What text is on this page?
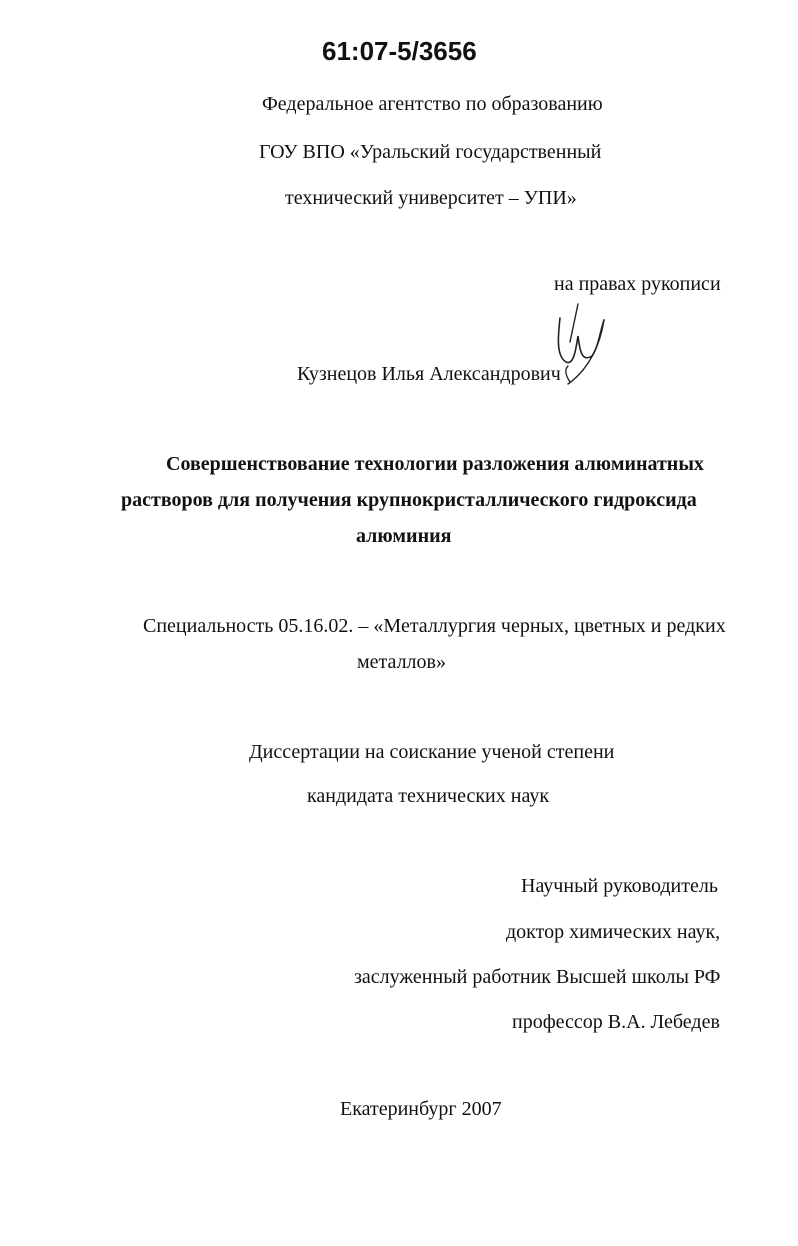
61:07-5/3656
Федеральное агентство по образованию
ГОУ ВПО «Уральский государственный
технический университет – УПИ»
на правах рукописи
Кузнецов Илья Александрович
Совершенствование технологии разложения алюминатных
растворов для получения крупнокристаллического гидроксида
алюминия
Специальность 05.16.02. – «Металлургия черных, цветных и редких
металлов»
Диссертации на соискание ученой степени
кандидата технических наук
Научный руководитель
доктор химических наук,
заслуженный работник Высшей школы РФ
профессор В.А. Лебедев
Екатеринбург 2007
